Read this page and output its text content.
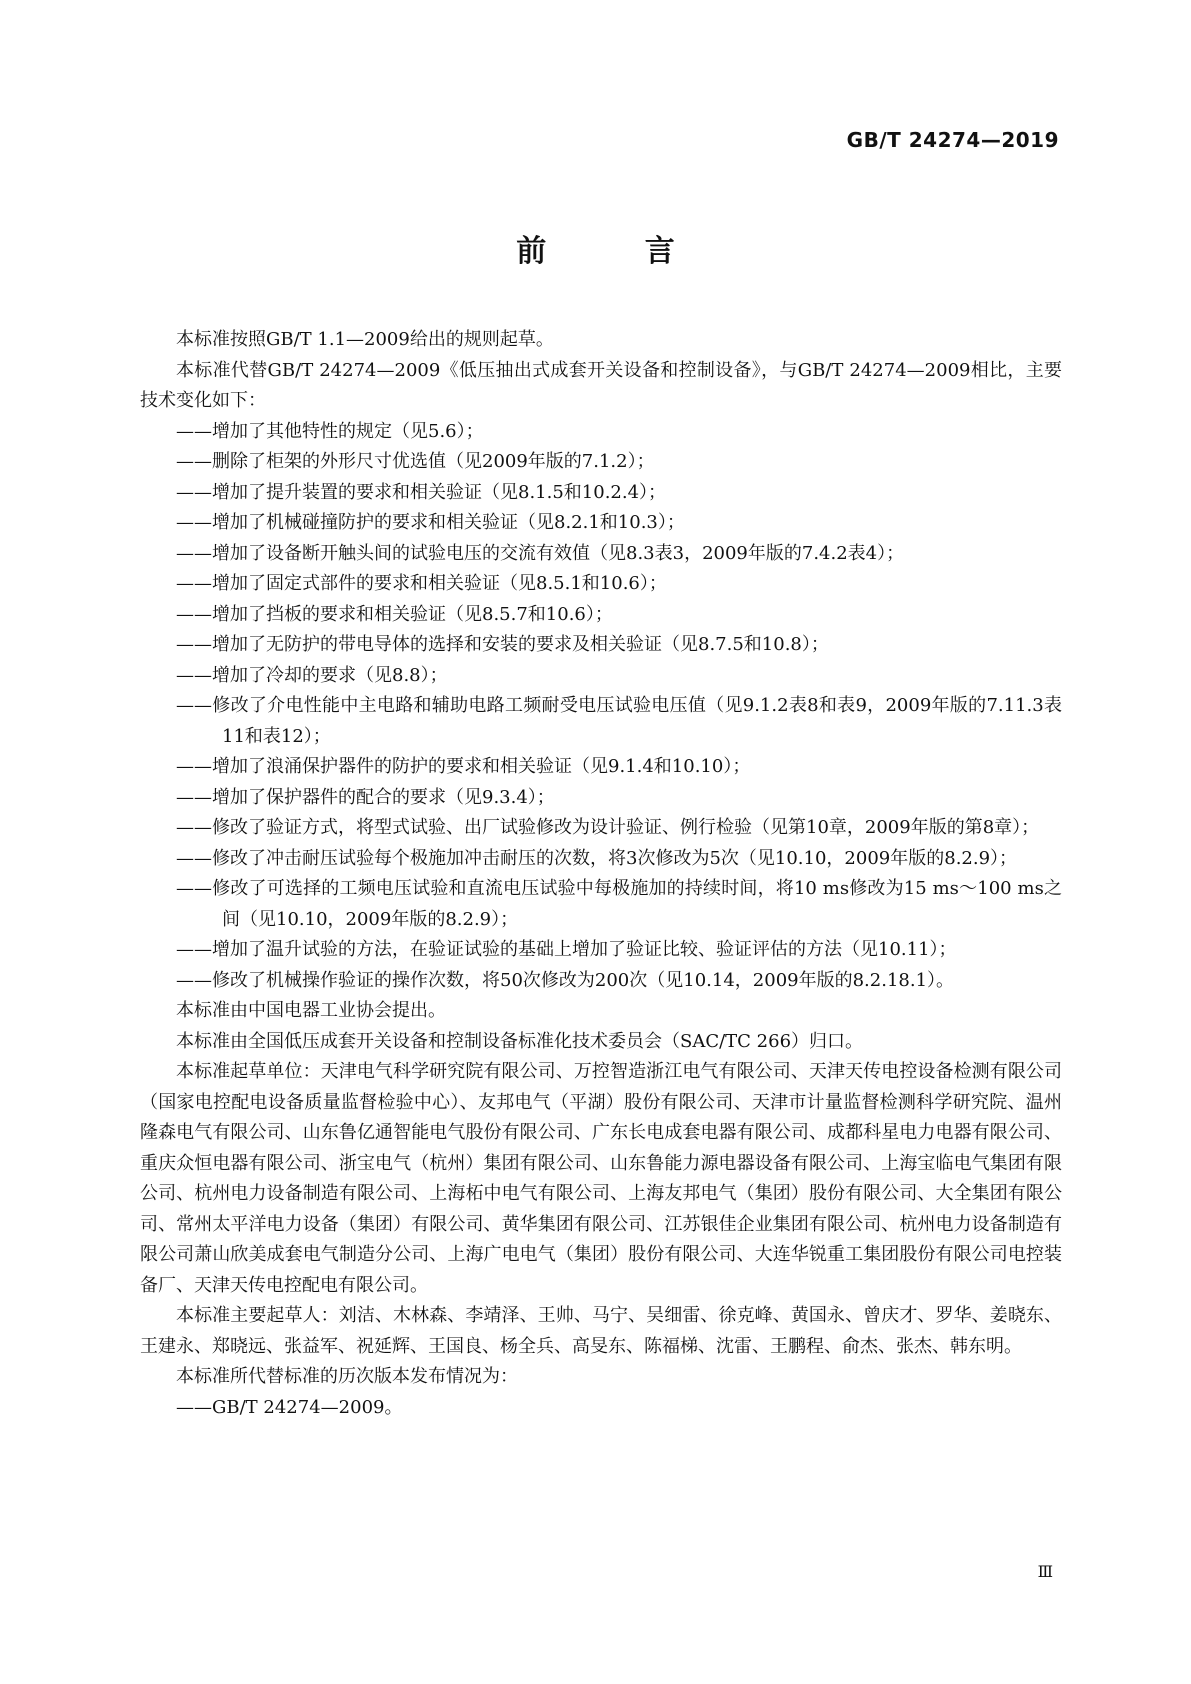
GB/T 24274—2019
前 言

本标准按照GB/T 1.1—2009给出的规则起草。

本标准代替GB/T 24274—2009《低压抽出式成套开关设备和控制设备》，与GB/T 24274—2009相比，主要技术变化如下：

——增加了其他特性的规定（见5.6）；

——删除了柜架的外形尺寸优选值（见2009年版的7.1.2）；

——增加了提升装置的要求和相关验证（见8.1.5和10.2.4）；

——增加了机械碰撞防护的要求和相关验证（见8.2.1和10.3）；

——增加了设备断开触头间的试验电压的交流有效值（见8.3表3，2009年版的7.4.2表4）；

——增加了固定式部件的要求和相关验证（见8.5.1和10.6）；

——增加了挡板的要求和相关验证（见8.5.7和10.6）；

——增加了无防护的带电导体的选择和安装的要求及相关验证（见8.7.5和10.8）；

——增加了冷却的要求（见8.8）；

——修改了介电性能中主电路和辅助电路工频耐受电压试验电压值（见9.1.2表8和表9，2009年版的7.11.3表11和表12）；

——增加了浪涌保护器件的防护的要求和相关验证（见9.1.4和10.10）；

——增加了保护器件的配合的要求（见9.3.4）；

——修改了验证方式，将型式试验、出厂试验修改为设计验证、例行检验（见第10章，2009年版的第8章）；

——修改了冲击耐压试验每个极施加冲击耐压的次数，将3次修改为5次（见10.10，2009年版的8.2.9）；

——修改了可选择的工频电压试验和直流电压试验中每极施加的持续时间，将10 ms修改为15 ms～100 ms之间（见10.10，2009年版的8.2.9）；

——增加了温升试验的方法，在验证试验的基础上增加了验证比较、验证评估的方法（见10.11）；

——修改了机械操作验证的操作次数，将50次修改为200次（见10.14，2009年版的8.2.18.1）。

本标准由中国电器工业协会提出。

本标准由全国低压成套开关设备和控制设备标准化技术委员会（SAC/TC 266）归口。

本标准起草单位：天津电气科学研究院有限公司、万控智造浙江电气有限公司、天津天传电控设备检测有限公司（国家电控配电设备质量监督检验中心）、友邦电气（平湖）股份有限公司、天津市计量监督检测科学研究院、温州隆森电气有限公司、山东鲁亿通智能电气股份有限公司、广东长电成套电器有限公司、成都科星电力电器有限公司、重庆众恒电器有限公司、浙宝电气（杭州）集团有限公司、山东鲁能力源电器设备有限公司、上海宝临电气集团有限公司、杭州电力设备制造有限公司、上海柘中电气有限公司、上海友邦电气（集团）股份有限公司、大全集团有限公司、常州太平洋电力设备（集团）有限公司、黄华集团有限公司、江苏银佳企业集团有限公司、杭州电力设备制造有限公司萧山欣美成套电气制造分公司、上海广电电气（集团）股份有限公司、大连华锐重工集团股份有限公司电控装备厂、天津天传电控配电有限公司。

本标准主要起草人：刘洁、木林森、李靖泽、王帅、马宁、吴细雷、徐克峰、黄国永、曾庆才、罗华、姜晓东、王建永、郑晓远、张益军、祝延辉、王国良、杨全兵、高旻东、陈福梯、沈雷、王鹏程、俞杰、张杰、韩东明。

本标准所代替标准的历次版本发布情况为：

——GB/T 24274—2009。

Ⅲ
